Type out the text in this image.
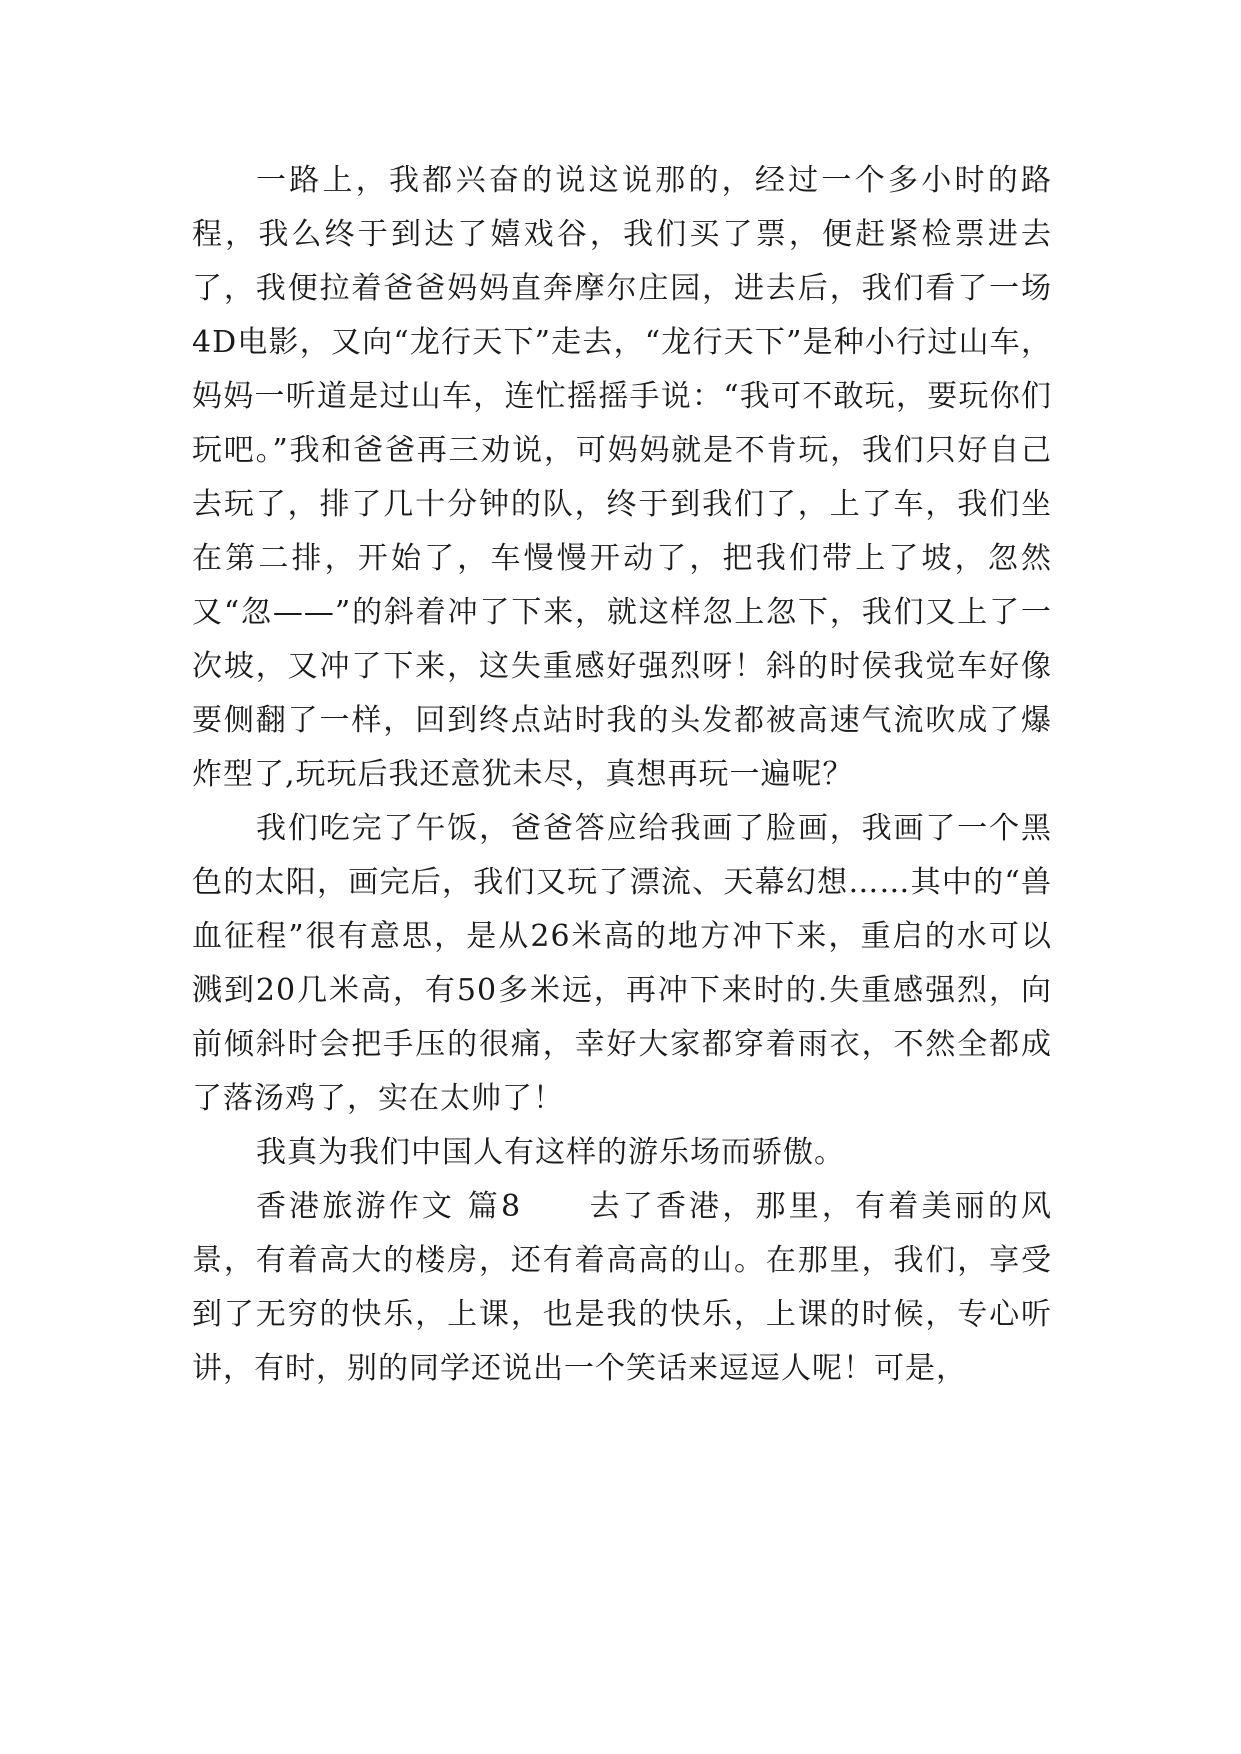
一路上，我都兴奋的说这说那的，经过一个多小时的路程，我么终于到达了嬉戏谷，我们买了票，便赶紧检票进去了，我便拉着爸爸妈妈直奔摩尔庄园，进去后，我们看了一场4D电影，又向“龙行天下”走去，“龙行天下”是种小行过山车，妈妈一听道是过山车，连忙摇摇手说：“我可不敢玩，要玩你们玩吧。”我和爸爸再三劝说，可妈妈就是不肯玩，我们只好自己去玩了，排了几十分钟的队，终于到我们了，上了车，我们坐在第二排，开始了，车慢慢开动了，把我们带上了坡，忽然又“忽——”的斜着冲了下来，就这样忽上忽下，我们又上了一次坡，又冲了下来，这失重感好强烈呀！斜的时侯我觉车好像要侧翻了一样，回到终点站时我的头发都被高速气流吹成了爆炸型了,玩玩后我还意犹未尽，真想再玩一遍呢？

我们吃完了午饭，爸爸答应给我画了脸画，我画了一个黑色的太阳，画完后，我们又玩了漂流、天幕幻想……其中的“兽血征程”很有意思，是从26米高的地方冲下来，重启的水可以溅到20几米高，有50多米远，再冲下来时的.失重感强烈，向前倾斜时会把手压的很痛，幸好大家都穿着雨衣，不然全都成了落汤鸡了，实在太帅了！

我真为我们中国人有这样的游乐场而骄傲。

香港旅游作文 篇8　　去了香港，那里，有着美丽的风景，有着高大的楼房，还有着高高的山。在那里，我们，享受到了无穷的快乐，上课，也是我的快乐，上课的时候，专心听讲，有时，别的同学还说出一个笑话来逗逗人呢！可是，
